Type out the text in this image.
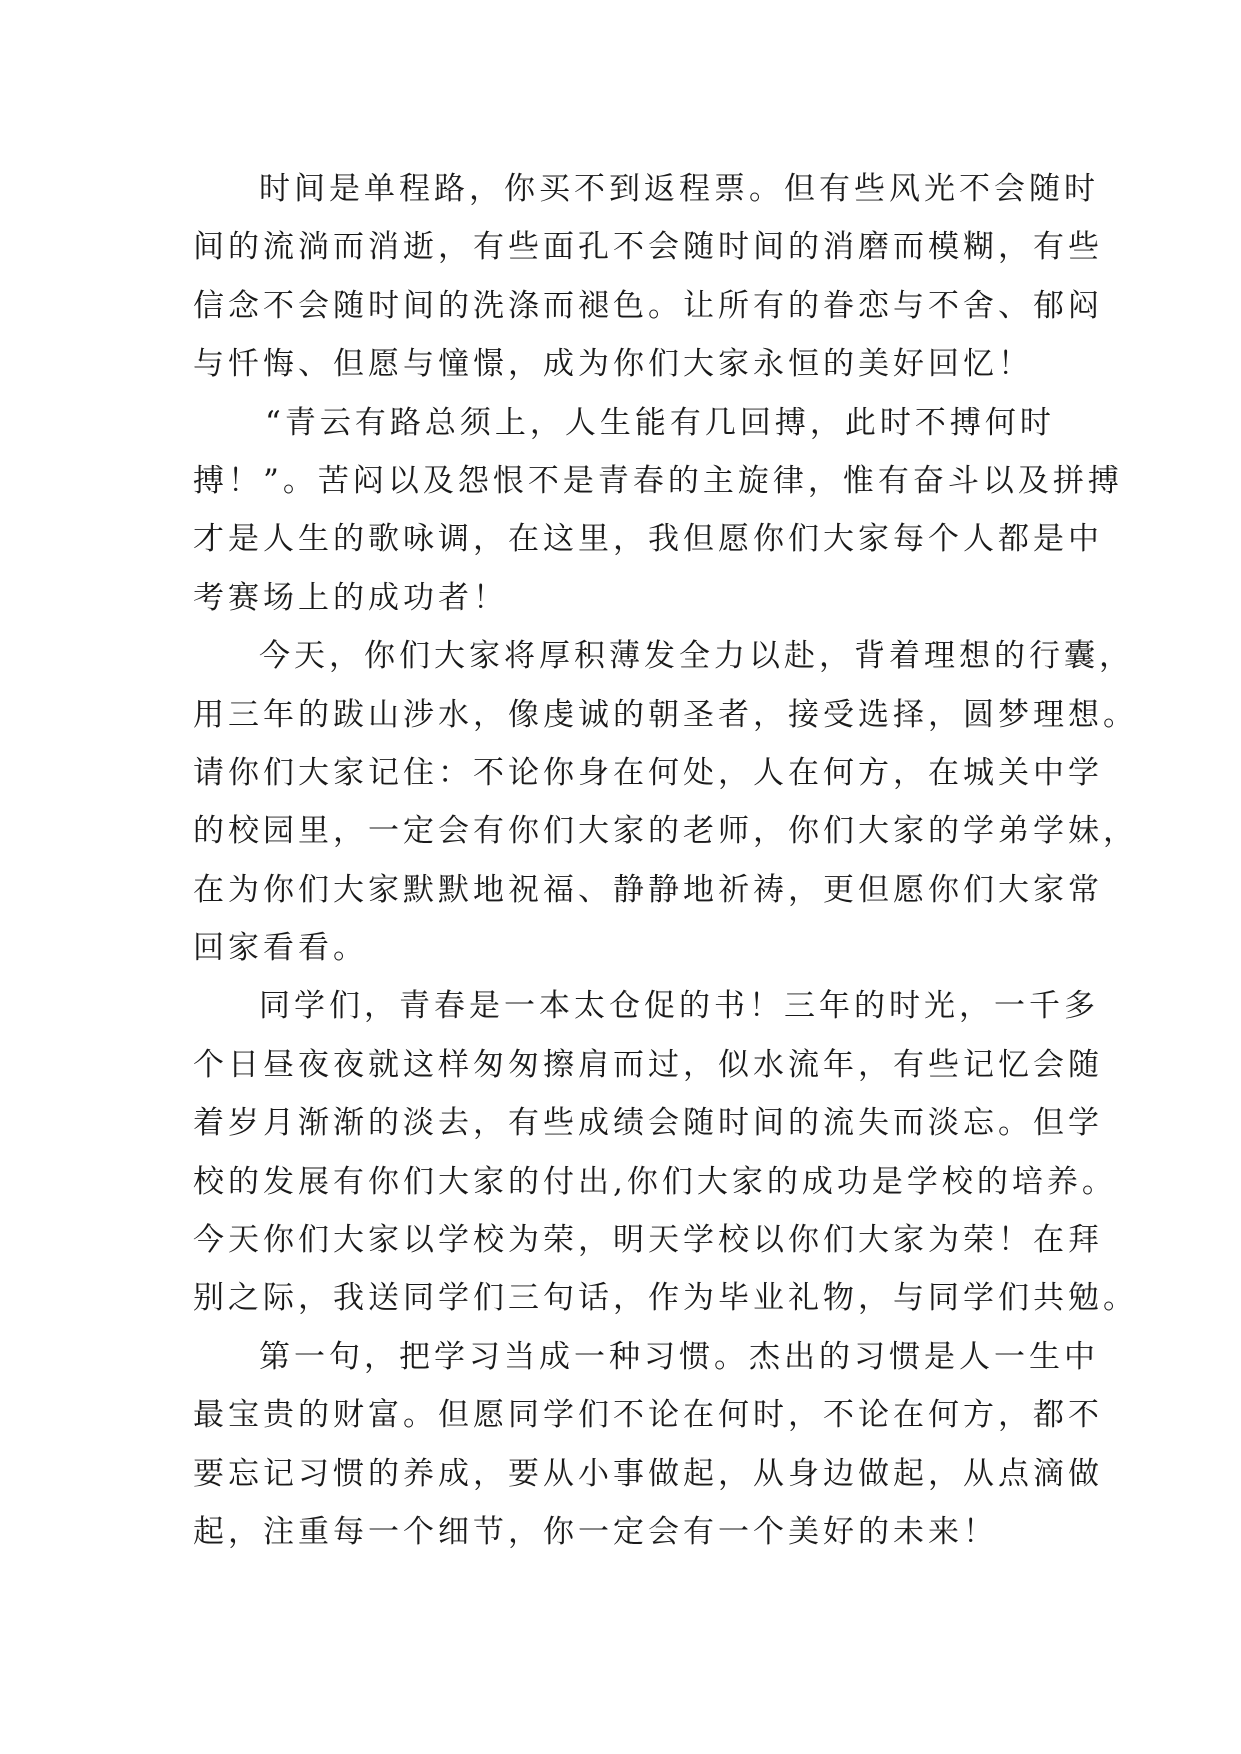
时间是单程路，你买不到返程票。但有些风光不会随时
间的流淌而消逝，有些面孔不会随时间的消磨而模糊，有些
信念不会随时间的洗涤而褪色。让所有的眷恋与不舍、郁闷
与忏悔、但愿与憧憬，成为你们大家永恒的美好回忆！
“青云有路总须上，人生能有几回搏，此时不搏何时
搏！”。苦闷以及怨恨不是青春的主旋律，惟有奋斗以及拼搏
才是人生的歌咏调，在这里，我但愿你们大家每个人都是中
考赛场上的成功者！
今天，你们大家将厚积薄发全力以赴，背着理想的行囊，
用三年的跋山涉水，像虔诚的朝圣者，接受选择，圆梦理想。
请你们大家记住：不论你身在何处，人在何方，在城关中学
的校园里，一定会有你们大家的老师，你们大家的学弟学妹，
在为你们大家默默地祝福、静静地祈祷，更但愿你们大家常
回家看看。
同学们，青春是一本太仓促的书！三年的时光，一千多
个日昼夜夜就这样匆匆擦肩而过，似水流年，有些记忆会随
着岁月渐渐的淡去，有些成绩会随时间的流失而淡忘。但学
校的发展有你们大家的付出,你们大家的成功是学校的培养。
今天你们大家以学校为荣，明天学校以你们大家为荣！在拜
别之际，我送同学们三句话，作为毕业礼物，与同学们共勉。
第一句，把学习当成一种习惯。杰出的习惯是人一生中
最宝贵的财富。但愿同学们不论在何时，不论在何方，都不
要忘记习惯的养成，要从小事做起，从身边做起，从点滴做
起，注重每一个细节，你一定会有一个美好的未来！
